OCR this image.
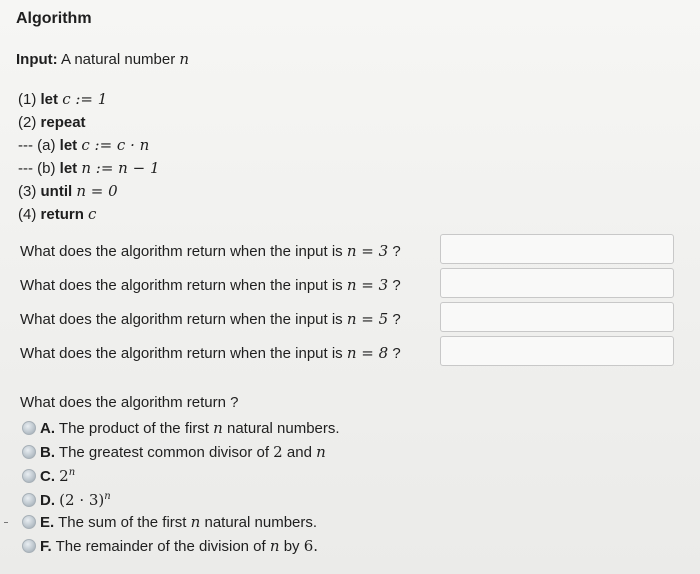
Algorithm
Input: A natural number n
(1) let c := 1
(2) repeat
--- (a) let c := c · n
--- (b) let n := n − 1
(3) until n = 0
(4) return c
What does the algorithm return when the input is n = 3 ?
What does the algorithm return when the input is n = 3 ?
What does the algorithm return when the input is n = 5 ?
What does the algorithm return when the input is n = 8 ?
What does the algorithm return ?
A. The product of the first n natural numbers.
B. The greatest common divisor of 2 and n
C. 2$^n$
D. $(2 \cdot 3)^n$
E. The sum of the first n natural numbers.
F. The remainder of the division of n by 6.
